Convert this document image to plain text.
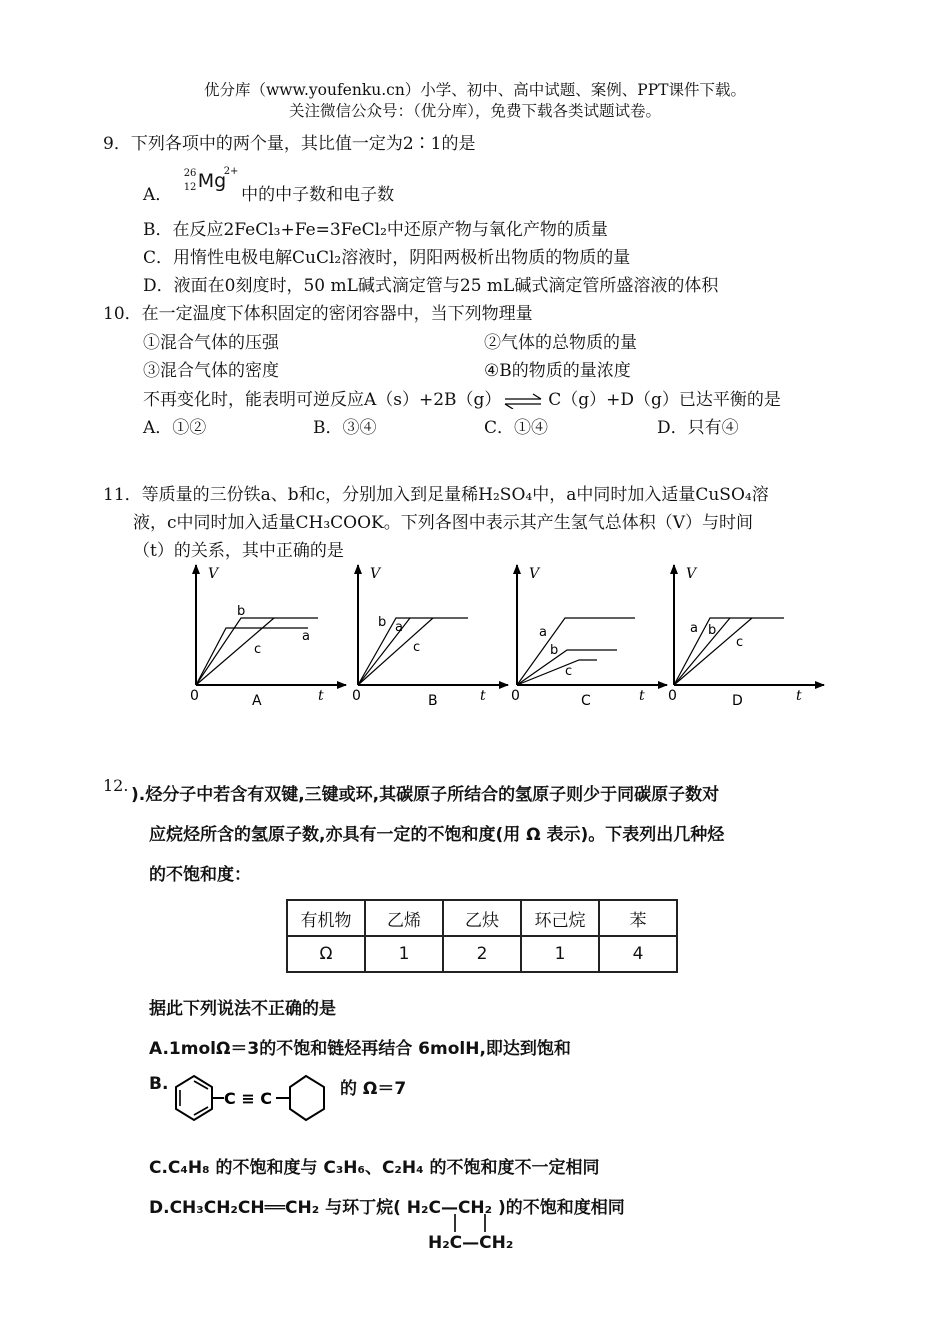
优分库（www.youfenku.cn）小学、初中、高中试题、案例、PPT课件下载。
关注微信公众号：（优分库），免费下载各类试题试卷。
9．下列各项中的两个量，其比值一定为2∶1的是
A．
26
12 Mg
2+
中的中子数和电子数
B．在反应2FeCl₃+Fe=3FeCl₂中还原产物与氧化产物的质量
C．用惰性电极电解CuCl₂溶液时，阴阳两极析出物质的物质的量
D．液面在0刻度时，50 mL碱式滴定管与25 mL碱式滴定管所盛溶液的体积
10．在一定温度下体积固定的密闭容器中，当下列物理量
①混合气体的压强	②气体的总物质的量
③混合气体的密度	④B的物质的量浓度
不再变化时，能表明可逆反应A（s）+2B（g）⇌ C（g）+D（g）已达平衡的是
A．①②	B．③④	C．①④	D．只有④
11．等质量的三份铁a、b和c，分别加入到足量稀H₂SO₄中，a中同时加入适量CuSO₄溶
液，c中同时加入适量CH₃COOK。下列各图中表示其产生氢气总体积（V）与时间
（t）的关系，其中正确的是
V
t
0	A
b
a
c
V
t
0	B
b a
c
V
t
0	C
a
b
c
V
t
0	D
a b
c
12. ).烃分子中若含有双键,三键或环,其碳原子所结合的氢原子则少于同碳原子数对
应烷烃所含的氢原子数,亦具有一定的不饱和度(用 Ω 表示)。下表列出几种烃
的不饱和度：
有机物	乙烯	乙炔	环己烷	苯
Ω	1	2	1	4
据此下列说法不正确的是
A.1molΩ＝3的不饱和链烃再结合 6molH,即达到饱和
B.
C ≡ C	的 Ω＝7
C.C₄H₈ 的不饱和度与 C₃H₆、C₂H₄ 的不饱和度不一定相同
D.CH₃CH₂CH══CH₂ 与环丁烷( H₂C—CH₂ )的不饱和度相同
H₂C—CH₂
